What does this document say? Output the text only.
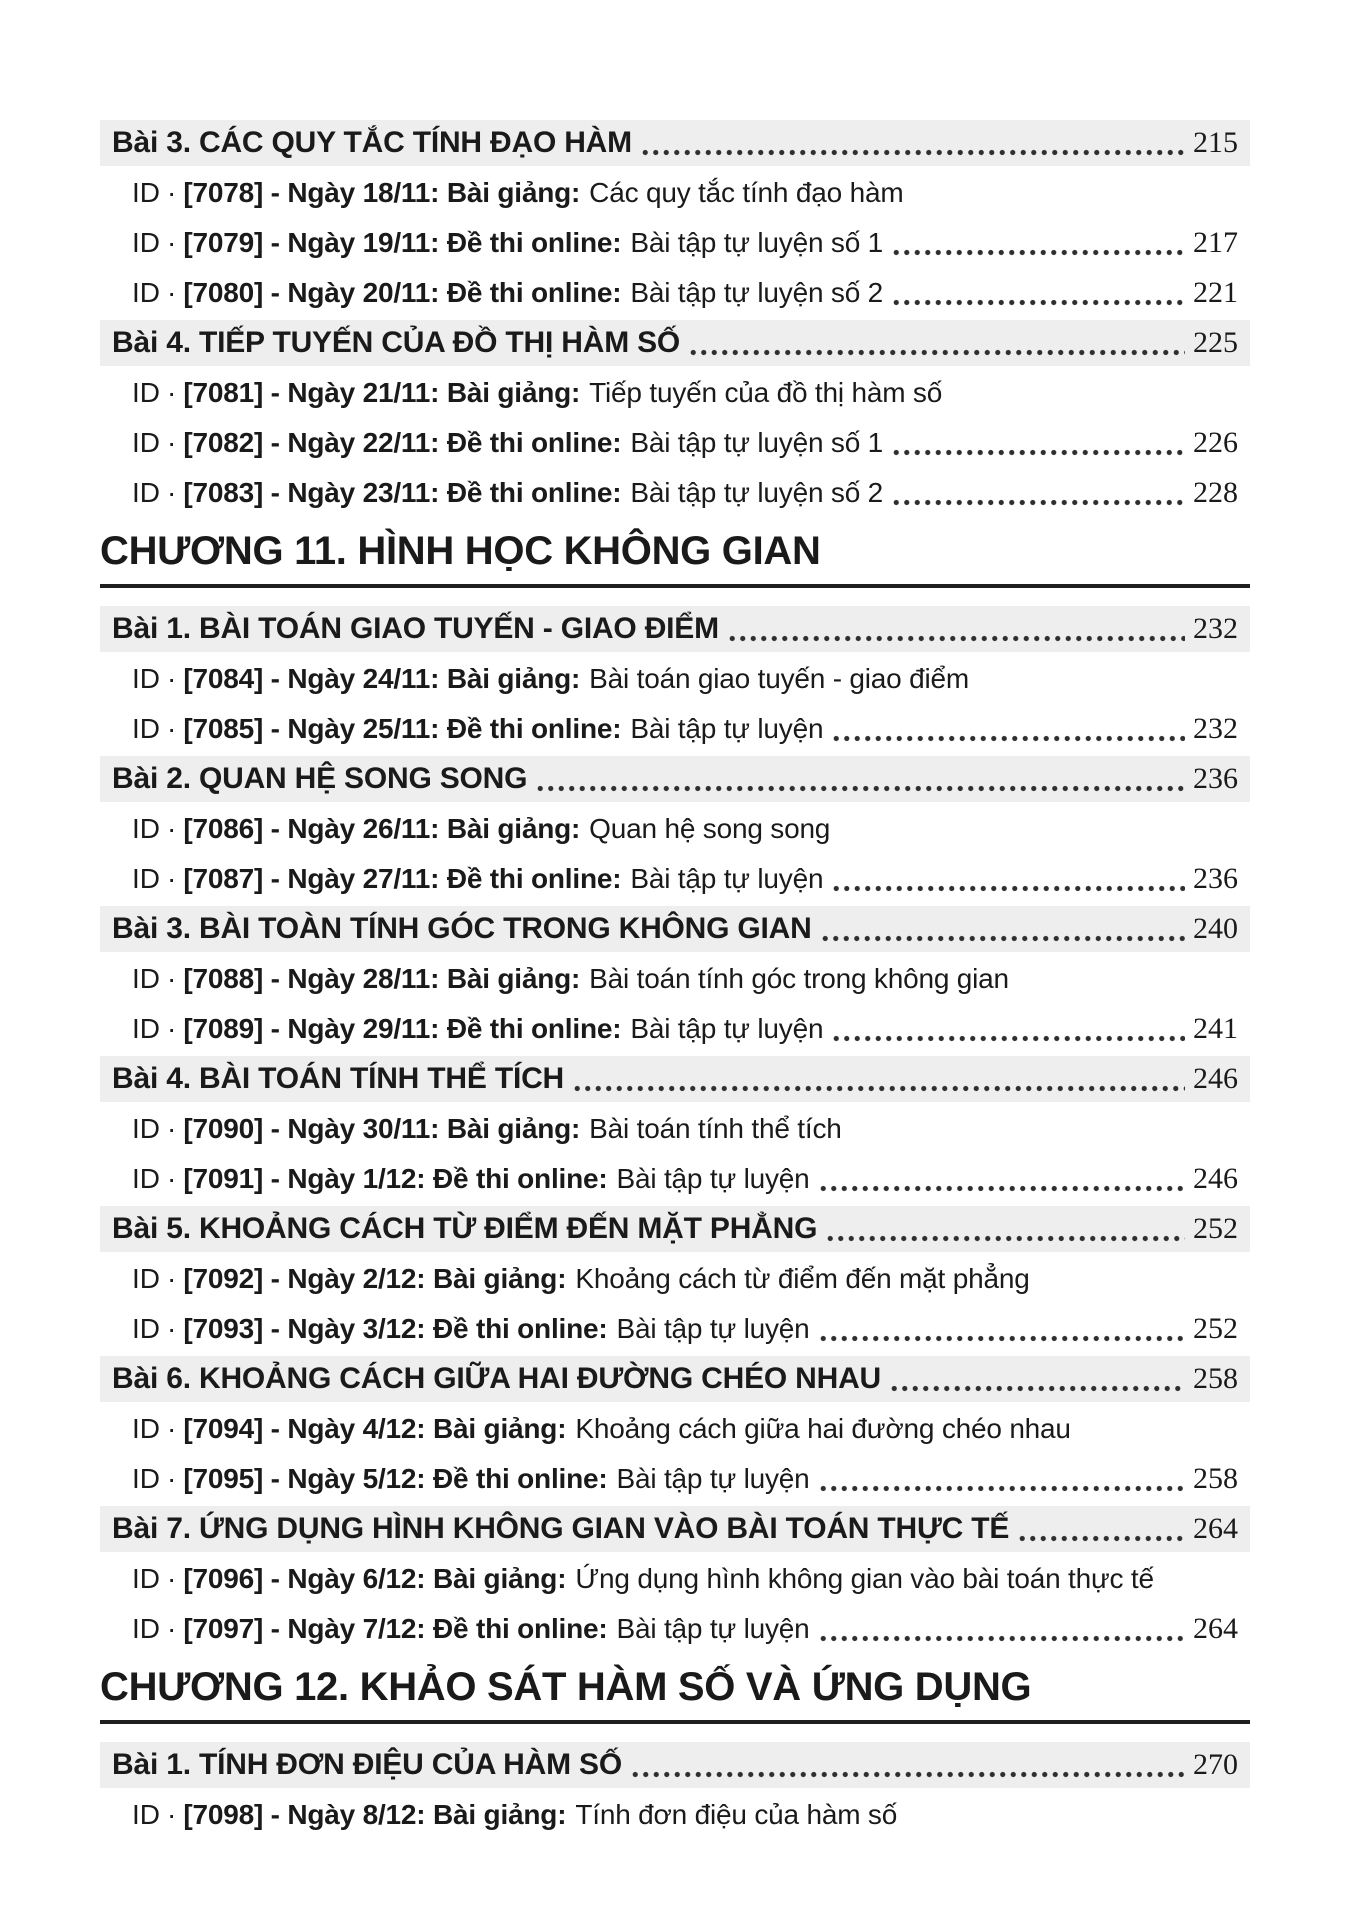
Bài 3. CÁC QUY TẮC TÍNH ĐẠO HÀM	215
ID · [7078] - Ngày 18/11: Bài giảng: Các quy tắc tính đạo hàm
ID · [7079] - Ngày 19/11: Đề thi online: Bài tập tự luyện số 1	217
ID · [7080] - Ngày 20/11: Đề thi online: Bài tập tự luyện số 2	221
Bài 4. TIẾP TUYẾN CỦA ĐỒ THỊ HÀM SỐ	225
ID · [7081] - Ngày 21/11: Bài giảng: Tiếp tuyến của đồ thị hàm số
ID · [7082] - Ngày 22/11: Đề thi online: Bài tập tự luyện số 1	226
ID · [7083] - Ngày 23/11: Đề thi online: Bài tập tự luyện số 2	228
CHƯƠNG 11. HÌNH HỌC KHÔNG GIAN
Bài 1. BÀI TOÁN GIAO TUYẾN - GIAO ĐIỂM	232
ID · [7084] - Ngày 24/11: Bài giảng: Bài toán giao tuyến - giao điểm
ID · [7085] - Ngày 25/11: Đề thi online: Bài tập tự luyện	232
Bài 2. QUAN HỆ SONG SONG	236
ID · [7086] - Ngày 26/11: Bài giảng: Quan hệ song song
ID · [7087] - Ngày 27/11: Đề thi online: Bài tập tự luyện	236
Bài 3. BÀI TOÀN TÍNH GÓC TRONG KHÔNG GIAN	240
ID · [7088] - Ngày 28/11: Bài giảng: Bài toán tính góc trong không gian
ID · [7089] - Ngày 29/11: Đề thi online: Bài tập tự luyện	241
Bài 4. BÀI TOÁN TÍNH THỂ TÍCH	246
ID · [7090] - Ngày 30/11: Bài giảng: Bài toán tính thể tích
ID · [7091] - Ngày 1/12: Đề thi online: Bài tập tự luyện	246
Bài 5. KHOẢNG CÁCH TỪ ĐIỂM ĐẾN MẶT PHẲNG	252
ID · [7092] - Ngày 2/12: Bài giảng: Khoảng cách từ điểm đến mặt phẳng
ID · [7093] - Ngày 3/12: Đề thi online: Bài tập tự luyện	252
Bài 6. KHOẢNG CÁCH GIỮA HAI ĐƯỜNG CHÉO NHAU	258
ID · [7094] - Ngày 4/12: Bài giảng: Khoảng cách giữa hai đường chéo nhau
ID · [7095] - Ngày 5/12: Đề thi online: Bài tập tự luyện	258
Bài 7. ỨNG DỤNG HÌNH KHÔNG GIAN VÀO BÀI TOÁN THỰC TẾ	264
ID · [7096] - Ngày 6/12: Bài giảng: Ứng dụng hình không gian vào bài toán thực tế
ID · [7097] - Ngày 7/12: Đề thi online: Bài tập tự luyện	264
CHƯƠNG 12. KHẢO SÁT HÀM SỐ VÀ ỨNG DỤNG
Bài 1. TÍNH ĐƠN ĐIỆU CỦA HÀM SỐ	270
ID · [7098] - Ngày 8/12: Bài giảng: Tính đơn điệu của hàm số
